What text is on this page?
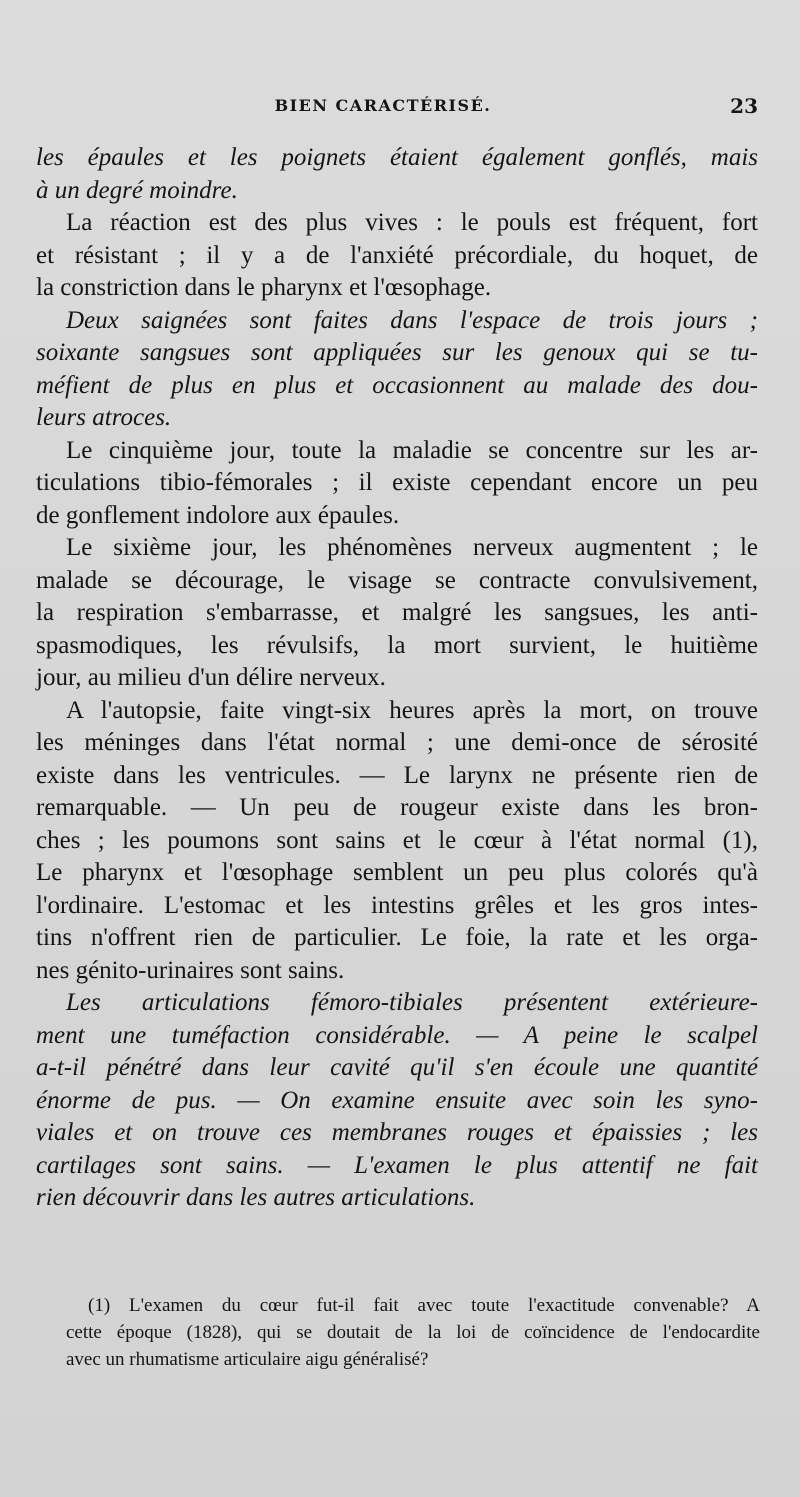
BIEN CARACTÉRISÉ.	23
les épaules et les poignets étaient également gonflés, mais
à un degré moindre.
La réaction est des plus vives : le pouls est fréquent, fort
et résistant ; il y a de l'anxiété précordiale, du hoquet, de
la constriction dans le pharynx et l'œsophage.
Deux saignées sont faites dans l'espace de trois jours ;
soixante sangsues sont appliquées sur les genoux qui se tu-
méfient de plus en plus et occasionnent au malade des dou-
leurs atroces.
Le cinquième jour, toute la maladie se concentre sur les ar-
ticulations tibio-fémorales ; il existe cependant encore un peu
de gonflement indolore aux épaules.
Le sixième jour, les phénomènes nerveux augmentent ; le
malade se décourage, le visage se contracte convulsivement,
la respiration s'embarrasse, et malgré les sangsues, les anti-
spasmodiques, les révulsifs, la mort survient, le huitième
jour, au milieu d'un délire nerveux.
A l'autopsie, faite vingt-six heures après la mort, on trouve
les méninges dans l'état normal ; une demi-once de sérosité
existe dans les ventricules. — Le larynx ne présente rien de
remarquable. — Un peu de rougeur existe dans les bron-
ches ; les poumons sont sains et le cœur à l'état normal (1),
Le pharynx et l'œsophage semblent un peu plus colorés qu'à
l'ordinaire. L'estomac et les intestins grêles et les gros intes-
tins n'offrent rien de particulier. Le foie, la rate et les orga-
nes génito-urinaires sont sains.
Les articulations fémoro-tibiales présentent extérieure-
ment une tuméfaction considérable. — A peine le scalpel
a-t-il pénétré dans leur cavité qu'il s'en écoule une quantité
énorme de pus. — On examine ensuite avec soin les syno-
viales et on trouve ces membranes rouges et épaissies ; les
cartilages sont sains. — L'examen le plus attentif ne fait
rien découvrir dans les autres articulations.
(1) L'examen du cœur fut-il fait avec toute l'exactitude convenable? A
cette époque (1828), qui se doutait de la loi de coïncidence de l'endocardite
avec un rhumatisme articulaire aigu généralisé?
